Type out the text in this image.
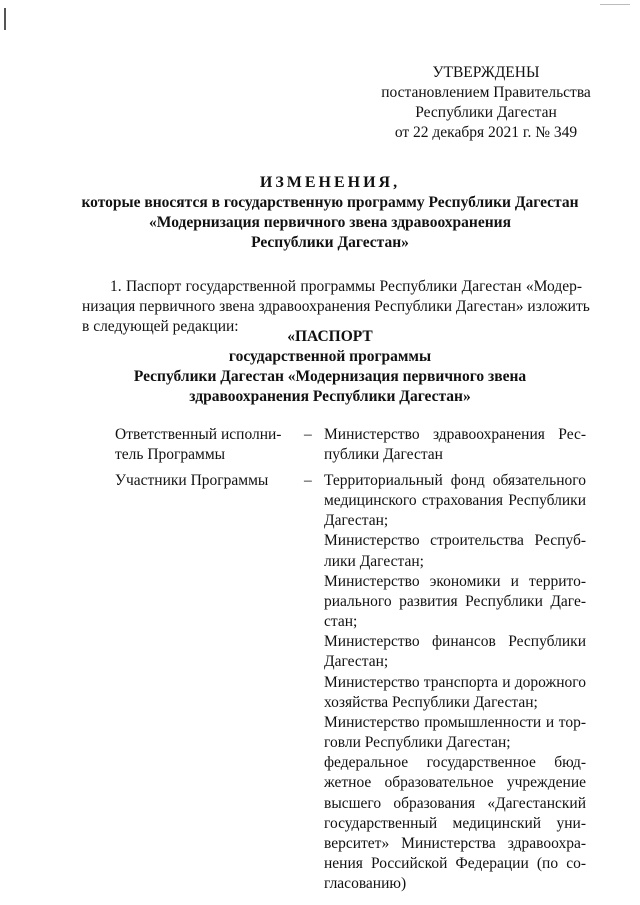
УТВЕРЖДЕНЫ
постановлением Правительства
Республики Дагестан
от 22 декабря 2021 г. № 349
ИЗМЕНЕНИЯ,
которые вносятся в государственную программу Республики Дагестан
«Модернизация первичного звена здравоохранения
Республики Дагестан»
1. Паспорт государственной программы Республики Дагестан «Модер-
низация первичного звена здравоохранения Республики Дагестан» изложить
в следующей редакции:
«ПАСПОРТ
государственной программы
Республики Дагестан «Модернизация первичного звена
здравоохранения Республики Дагестан»
Ответственный исполни-
тель Программы
– Министерство здравоохранения Рес-
публики Дагестан
Участники Программы	– Территориальный фонд обязательного
медицинского страхования Республики
Дагестан;
Министерство строительства Респуб-
лики Дагестан;
Министерство экономики и террито-
риального развития Республики Даге-
стан;
Министерство финансов Республики
Дагестан;
Министерство транспорта и дорожного
хозяйства Республики Дагестан;
Министерство промышленности и тор-
говли Республики Дагестан;
федеральное государственное бюд-
жетное образовательное учреждение
высшего образования «Дагестанский
государственный медицинский уни-
верситет» Министерства здравоохра-
нения Российской Федерации (по со-
гласованию)
